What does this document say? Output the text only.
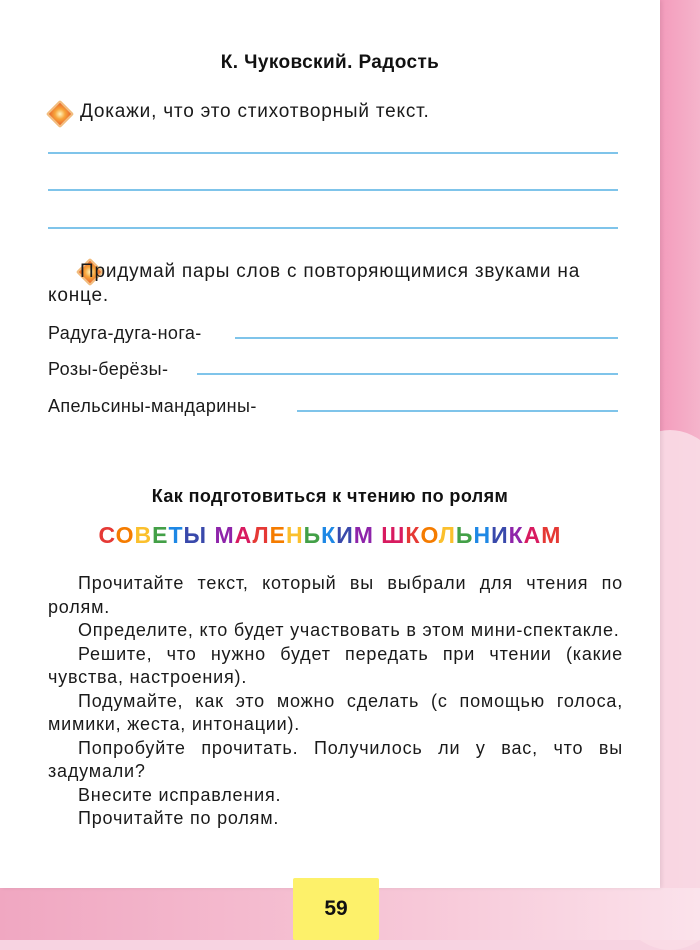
К. Чуковский. Радость

Докажи, что это стихотворный текст.

Придумай пары слов с повторяющимися звуками на конце.

Радуга-дуга-нога-

Розы-берёзы-

Апельсины-мандарины-

Как подготовиться к чтению по ролям

СОВЕТЫ МАЛЕНЬКИМ ШКОЛЬНИКАМ

Прочитайте текст, который вы выбрали для чтения по ролям.
Определите, кто будет участвовать в этом мини-спектакле.
Решите, что нужно будет передать при чтении (какие чувства, настроения).
Подумайте, как это можно сделать (с помощью голоса, мимики, жеста, интонации).
Попробуйте прочитать. Получилось ли у вас, что вы задумали?
Внесите исправления.
Прочитайте по ролям.
59
